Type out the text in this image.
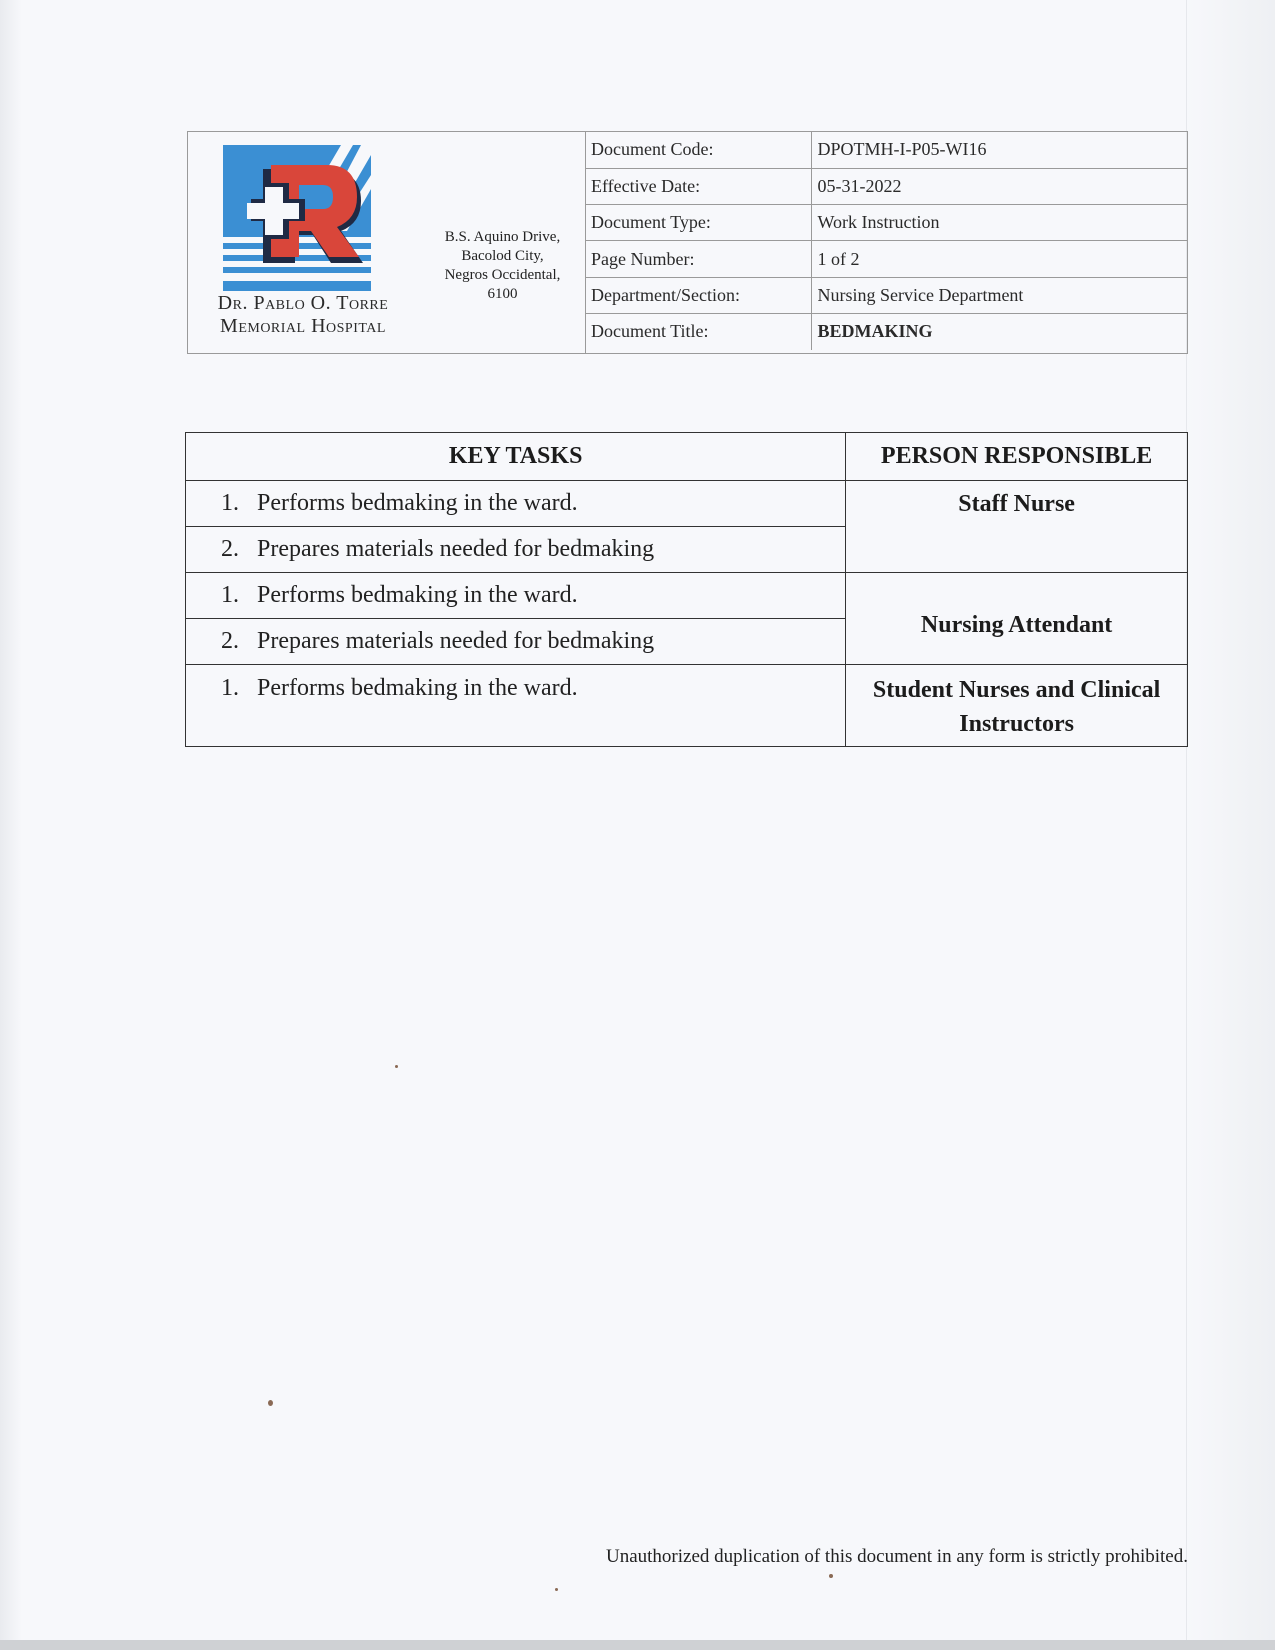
Dr. Pablo O. Torre
Memorial Hospital
B.S. Aquino Drive,
Bacolod City,
Negros Occidental,
6100
Document Code:	DPOTMH-I-P05-WI16
Effective Date:	05-31-2022
Document Type:	Work Instruction
Page Number:	1 of 2
Department/Section:	Nursing Service Department
Document Title:	BEDMAKING
KEY TASKS	PERSON RESPONSIBLE
1. Performs bedmaking in the ward.	Staff Nurse
2. Prepares materials needed for bedmaking	
1. Performs bedmaking in the ward.	Nursing Attendant
2. Prepares materials needed for bedmaking	
1. Performs bedmaking in the ward.	Student Nurses and Clinical
Instructors
Unauthorized duplication of this document in any form is strictly prohibited.
